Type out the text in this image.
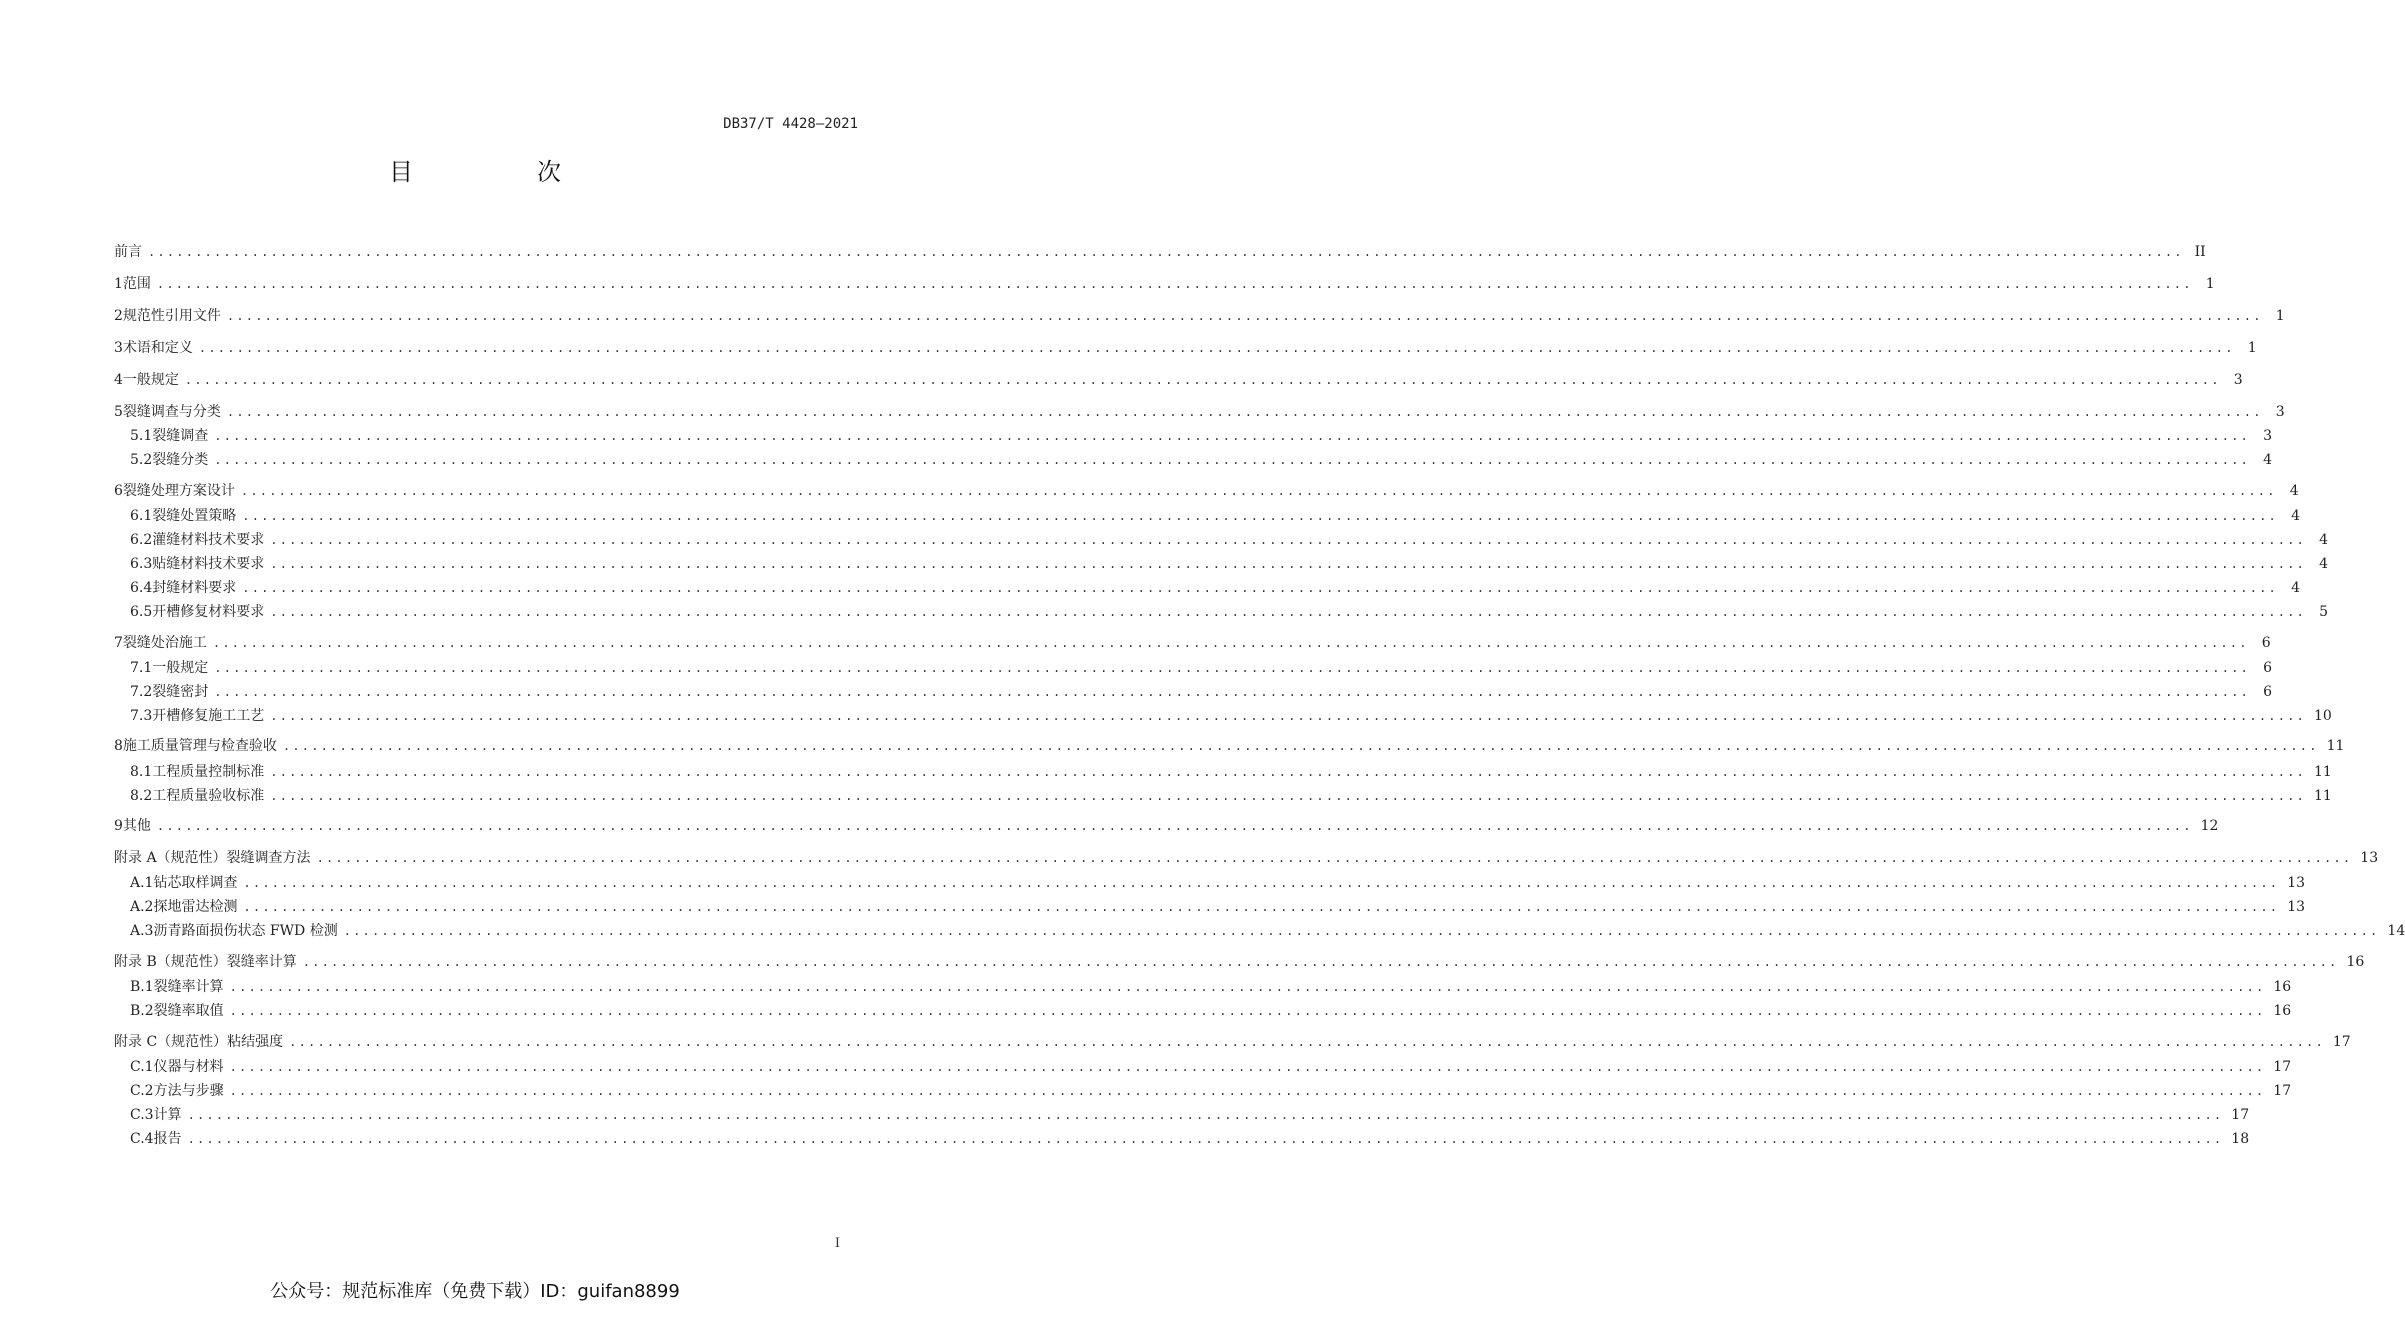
DB37/T 4428—2021
目　次
前言 ........................................................................................................................................................................................................................ II
1 范围 ........................................................................................................................................................................................................................ 1
2 规范性引用文件 ........................................................................................................................................................................................................................ 1
3 术语和定义 ........................................................................................................................................................................................................................ 1
4 一般规定 ........................................................................................................................................................................................................................ 3
5 裂缝调查与分类 ........................................................................................................................................................................................................................ 3
5.1 裂缝调查 ........................................................................................................................................................................................................................ 3
5.2 裂缝分类 ........................................................................................................................................................................................................................ 4
6 裂缝处理方案设计 ........................................................................................................................................................................................................................ 4
6.1 裂缝处置策略 ........................................................................................................................................................................................................................ 4
6.2 灌缝材料技术要求 ........................................................................................................................................................................................................................ 4
6.3 贴缝材料技术要求 ........................................................................................................................................................................................................................ 4
6.4 封缝材料要求 ........................................................................................................................................................................................................................ 4
6.5 开槽修复材料要求 ........................................................................................................................................................................................................................ 5
7 裂缝处治施工 ........................................................................................................................................................................................................................ 6
7.1 一般规定 ........................................................................................................................................................................................................................ 6
7.2 裂缝密封 ........................................................................................................................................................................................................................ 6
7.3 开槽修复施工工艺 ........................................................................................................................................................................................................................ 10
8 施工质量管理与检查验收 ........................................................................................................................................................................................................................ 11
8.1 工程质量控制标准 ........................................................................................................................................................................................................................ 11
8.2 工程质量验收标准 ........................................................................................................................................................................................................................ 11
9 其他 ........................................................................................................................................................................................................................ 12
附录 A（规范性）裂缝调查方法 ........................................................................................................................................................................................................................ 13
A.1 钻芯取样调查 ........................................................................................................................................................................................................................ 13
A.2 探地雷达检测 ........................................................................................................................................................................................................................ 13
A.3 沥青路面损伤状态 FWD 检测 ........................................................................................................................................................................................................................ 14
附录 B（规范性）裂缝率计算 ........................................................................................................................................................................................................................ 16
B.1 裂缝率计算 ........................................................................................................................................................................................................................ 16
B.2 裂缝率取值 ........................................................................................................................................................................................................................ 16
附录 C（规范性）粘结强度 ........................................................................................................................................................................................................................ 17
C.1 仪器与材料 ........................................................................................................................................................................................................................ 17
C.2 方法与步骤 ........................................................................................................................................................................................................................ 17
C.3 计算 ........................................................................................................................................................................................................................ 17
C.4 报告 ........................................................................................................................................................................................................................ 18
I
公众号：规范标准库（免费下载）ID：guifan8899
